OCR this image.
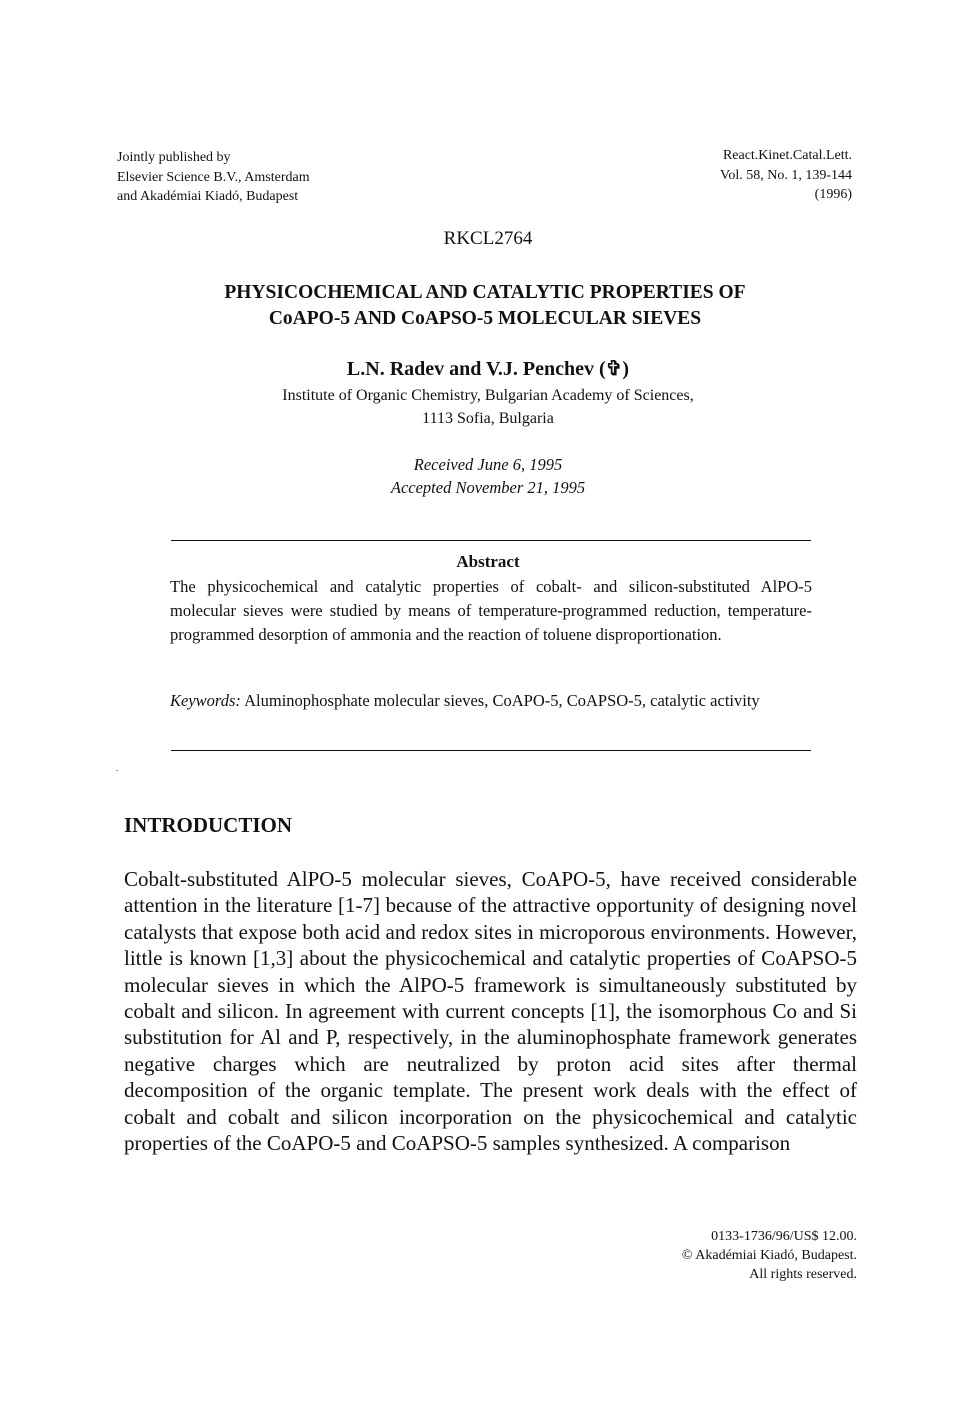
Jointly published by
Elsevier Science B.V., Amsterdam
and Akadémiai Kiadó, Budapest
React.Kinet.Catal.Lett.
Vol. 58, No. 1, 139-144
(1996)
RKCL2764
PHYSICOCHEMICAL AND CATALYTIC PROPERTIES OF
CoAPO-5 AND CoAPSO-5 MOLECULAR SIEVES
L.N. Radev and V.J. Penchev (✞)
Institute of Organic Chemistry, Bulgarian Academy of Sciences,
1113 Sofia, Bulgaria
Received June 6, 1995
Accepted November 21, 1995
Abstract
The physicochemical and catalytic properties of cobalt- and silicon-substituted AlPO-5 molecular sieves were studied by means of temperature-programmed reduction, temperature-programmed desorption of ammonia and the reaction of toluene disproportionation.
Keywords: Aluminophosphate molecular sieves, CoAPO-5, CoAPSO-5, catalytic activity
INTRODUCTION
Cobalt-substituted AlPO-5 molecular sieves, CoAPO-5, have received considerable attention in the literature [1-7] because of the attractive opportunity of designing novel catalysts that expose both acid and redox sites in microporous environments. However, little is known [1,3] about the physicochemical and catalytic properties of CoAPSO-5 molecular sieves in which the AlPO-5 framework is simultaneously substituted by cobalt and silicon. In agreement with current concepts [1], the isomorphous Co and Si substitution for Al and P, respectively, in the aluminophosphate framework generates negative charges which are neutralized by proton acid sites after thermal decomposition of the organic template. The present work deals with the effect of cobalt and cobalt and silicon incorporation on the physicochemical and catalytic properties of the CoAPO-5 and CoAPSO-5 samples synthesized. A comparison
0133-1736/96/US$ 12.00.
© Akadémiai Kiadó, Budapest.
All rights reserved.
